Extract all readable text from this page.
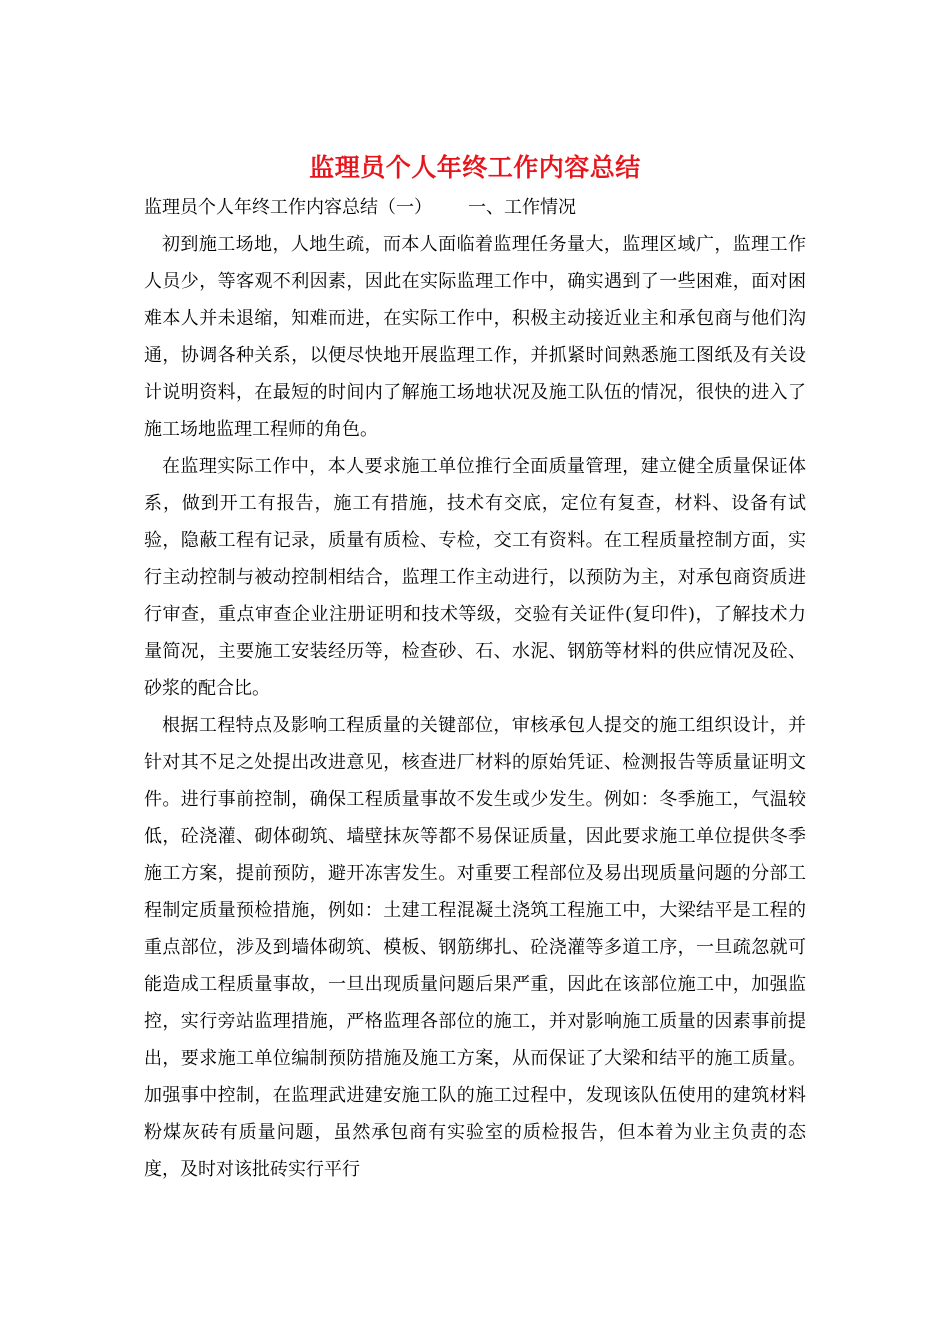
监理员个人年终工作内容总结
监理员个人年终工作内容总结（一） 一、工作情况

初到施工场地，人地生疏，而本人面临着监理任务量大，监理区域广，监理工作人员少，等客观不利因素，因此在实际监理工作中，确实遇到了一些困难，面对困难本人并未退缩，知难而进，在实际工作中，积极主动接近业主和承包商与他们沟通，协调各种关系，以便尽快地开展监理工作，并抓紧时间熟悉施工图纸及有关设计说明资料，在最短的时间内了解施工场地状况及施工队伍的情况，很快的进入了施工场地监理工程师的角色。

在监理实际工作中，本人要求施工单位推行全面质量管理，建立健全质量保证体系，做到开工有报告，施工有措施，技术有交底，定位有复查，材料、设备有试验，隐蔽工程有记录，质量有质检、专检，交工有资料。在工程质量控制方面，实行主动控制与被动控制相结合，监理工作主动进行，以预防为主，对承包商资质进行审查，重点审查企业注册证明和技术等级，交验有关证件(复印件)，了解技术力量简况，主要施工安装经历等，检查砂、石、水泥、钢筋等材料的供应情况及砼、砂浆的配合比。

根据工程特点及影响工程质量的关键部位，审核承包人提交的施工组织设计，并针对其不足之处提出改进意见，核查进厂材料的原始凭证、检测报告等质量证明文件。进行事前控制，确保工程质量事故不发生或少发生。例如：冬季施工，气温较低，砼浇灌、砌体砌筑、墙壁抹灰等都不易保证质量，因此要求施工单位提供冬季施工方案，提前预防，避开冻害发生。对重要工程部位及易出现质量问题的分部工程制定质量预检措施，例如：土建工程混凝土浇筑工程施工中，大梁结平是工程的重点部位，涉及到墙体砌筑、模板、钢筋绑扎、砼浇灌等多道工序，一旦疏忽就可能造成工程质量事故，一旦出现质量问题后果严重，因此在该部位施工中，加强监控，实行旁站监理措施，严格监理各部位的施工，并对影响施工质量的因素事前提出，要求施工单位编制预防措施及施工方案，从而保证了大梁和结平的施工质量。加强事中控制，在监理武进建安施工队的施工过程中，发现该队伍使用的建筑材料粉煤灰砖有质量问题，虽然承包商有实验室的质检报告，但本着为业主负责的态度，及时对该批砖实行平行
